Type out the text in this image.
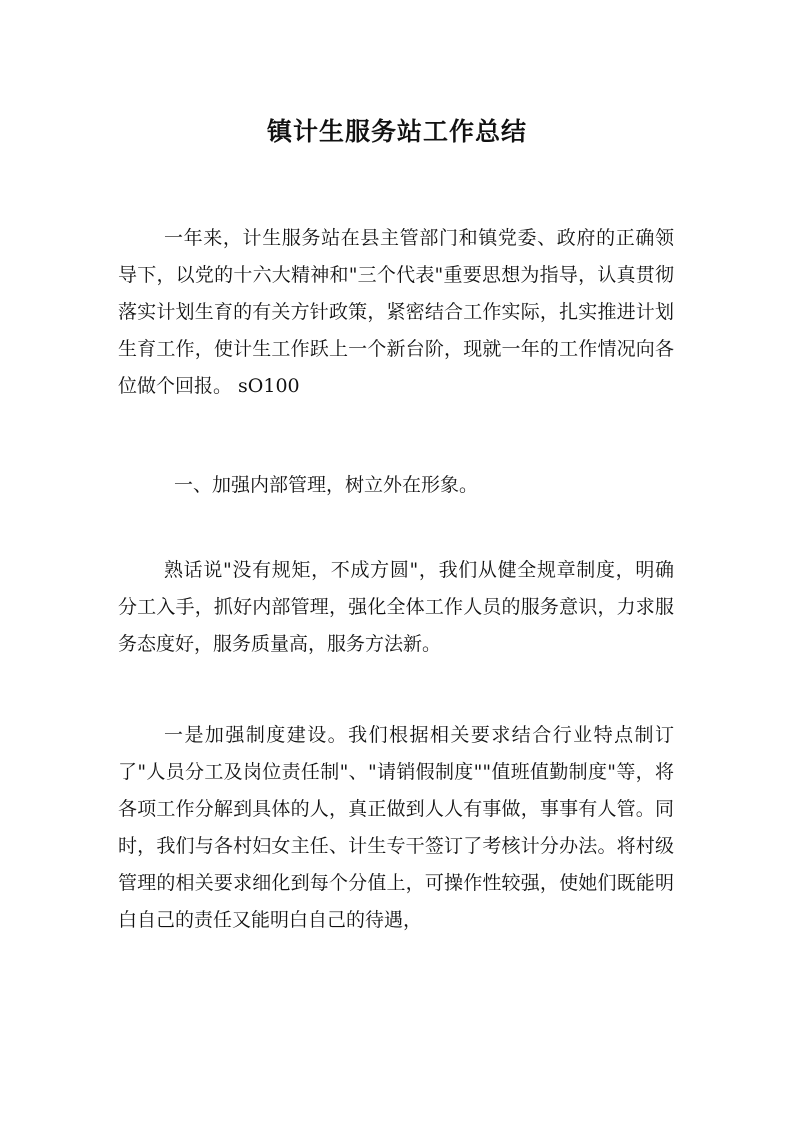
镇计生服务站工作总结

一年来，计生服务站在县主管部门和镇党委、政府的正确领导下，以党的十六大精神和"三个代表"重要思想为指导，认真贯彻落实计划生育的有关方针政策，紧密结合工作实际，扎实推进计划生育工作，使计生工作跃上一个新台阶，现就一年的工作情况向各位做个回报。 sO100

一、加强内部管理，树立外在形象。

熟话说"没有规矩，不成方圆"，我们从健全规章制度，明确分工入手，抓好内部管理，强化全体工作人员的服务意识，力求服务态度好，服务质量高，服务方法新。

一是加强制度建设。我们根据相关要求结合行业特点制订了"人员分工及岗位责任制"、"请销假制度""值班值勤制度"等，将各项工作分解到具体的人，真正做到人人有事做，事事有人管。同时，我们与各村妇女主任、计生专干签订了考核计分办法。将村级管理的相关要求细化到每个分值上，可操作性较强，使她们既能明白自己的责任又能明白自己的待遇，
